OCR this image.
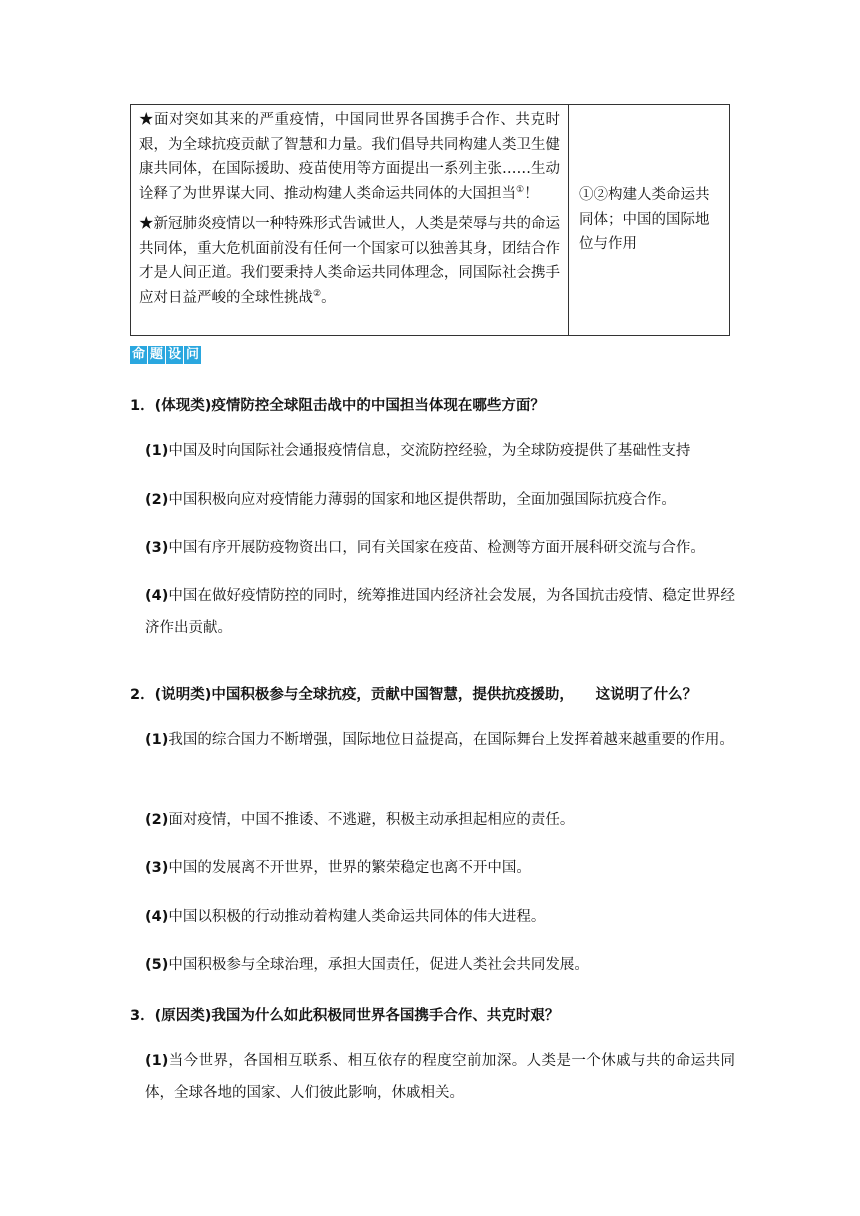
★面对突如其来的严重疫情，中国同世界各国携手合作、共克时艰，为全球抗疫贡献了智慧和力量。我们倡导共同构建人类卫生健康共同体，在国际援助、疫苗使用等方面提出一系列主张……生动诠释了为世界谋大同、推动构建人类命运共同体的大国担当①！

★新冠肺炎疫情以一种特殊形式告诫世人，人类是荣辱与共的命运共同体，重大危机面前没有任何一个国家可以独善其身，团结合作才是人间正道。我们要秉持人类命运共同体理念，同国际社会携手应对日益严峻的全球性挑战②。

①②构建人类命运共同体；中国的国际地位与作用
命 题 设 问
1．(体现类)疫情防控全球阻击战中的中国担当体现在哪些方面？
(1)中国及时向国际社会通报疫情信息，交流防控经验，为全球防疫提供了基础性支持
(2)中国积极向应对疫情能力薄弱的国家和地区提供帮助，全面加强国际抗疫合作。
(3)中国有序开展防疫物资出口，同有关国家在疫苗、检测等方面开展科研交流与合作。
(4)中国在做好疫情防控的同时，统筹推进国内经济社会发展，为各国抗击疫情、稳定世界经济作出贡献。
2．(说明类)中国积极参与全球抗疫，贡献中国智慧，提供抗疫援助，　　这说明了什么？
(1)我国的综合国力不断增强，国际地位日益提高，在国际舞台上发挥着越来越重要的作用。
(2)面对疫情，中国不推诿、不逃避，积极主动承担起相应的责任。
(3)中国的发展离不开世界，世界的繁荣稳定也离不开中国。
(4)中国以积极的行动推动着构建人类命运共同体的伟大进程。
(5)中国积极参与全球治理，承担大国责任，促进人类社会共同发展。
3．(原因类)我国为什么如此积极同世界各国携手合作、共克时艰？
(1)当今世界，各国相互联系、相互依存的程度空前加深。人类是一个休戚与共的命运共同体，全球各地的国家、人们彼此影响，休戚相关。
